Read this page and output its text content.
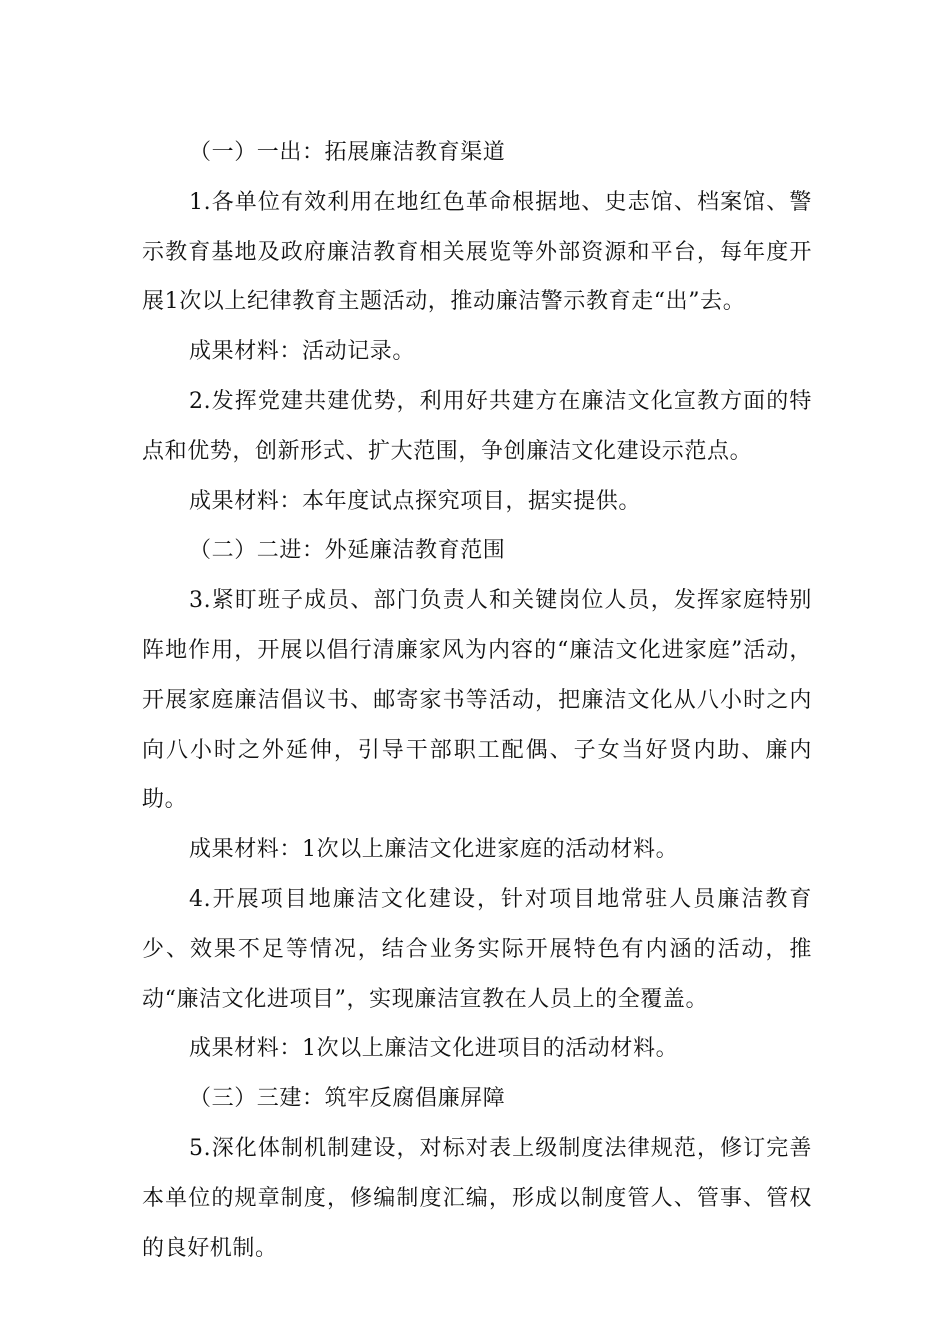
（一）一出：拓展廉洁教育渠道

1.各单位有效利用在地红色革命根据地、史志馆、档案馆、警示教育基地及政府廉洁教育相关展览等外部资源和平台，每年度开展1次以上纪律教育主题活动，推动廉洁警示教育走“出”去。

成果材料：活动记录。

2.发挥党建共建优势，利用好共建方在廉洁文化宣教方面的特点和优势，创新形式、扩大范围，争创廉洁文化建设示范点。

成果材料：本年度试点探究项目，据实提供。

（二）二进：外延廉洁教育范围

3.紧盯班子成员、部门负责人和关键岗位人员，发挥家庭特别阵地作用，开展以倡行清廉家风为内容的“廉洁文化进家庭”活动，开展家庭廉洁倡议书、邮寄家书等活动，把廉洁文化从八小时之内向八小时之外延伸，引导干部职工配偶、子女当好贤内助、廉内助。

成果材料：1次以上廉洁文化进家庭的活动材料。

4.开展项目地廉洁文化建设，针对项目地常驻人员廉洁教育少、效果不足等情况，结合业务实际开展特色有内涵的活动，推动“廉洁文化进项目”，实现廉洁宣教在人员上的全覆盖。

成果材料：1次以上廉洁文化进项目的活动材料。

（三）三建：筑牢反腐倡廉屏障

5.深化体制机制建设，对标对表上级制度法律规范，修订完善本单位的规章制度，修编制度汇编，形成以制度管人、管事、管权的良好机制。
